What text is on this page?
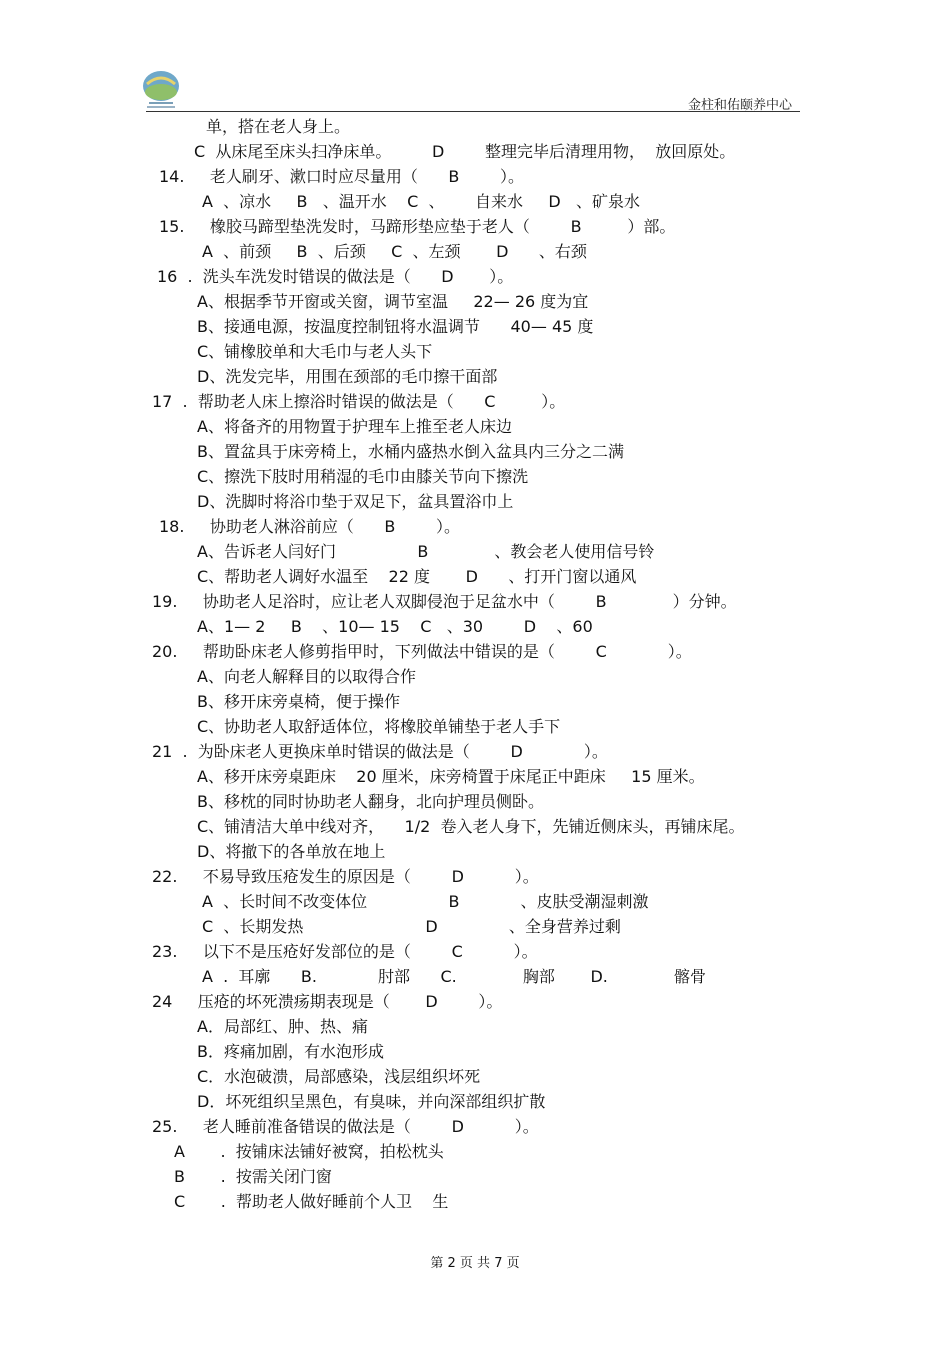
金柱和佑颐养中心
单，搭在老人身上。
C  从床尾至床头扫净床单。        D        整理完毕后清理用物，  放回原处。
14.     老人刷牙、漱口时应尽量用（      B        ）。
A  、凉水     B   、温开水    C  、      自来水     D   、矿泉水
15.     橡胶马蹄型垫洗发时，马蹄形垫应垫于老人（        B         ）部。
A  、前颈     B  、后颈     C  、左颈       D      、右颈
16  .  洗头车洗发时错误的做法是（      D       ）。
A、根据季节开窗或关窗，调节室温     22— 26 度为宜
B、接通电源，按温度控制钮将水温调节      40— 45 度
C、铺橡胶单和大毛巾与老人头下
D、洗发完毕，用围在颈部的毛巾擦干面部
17  .  帮助老人床上擦浴时错误的做法是（      C         ）。
A、将备齐的用物置于护理车上推至老人床边
B、置盆具于床旁椅上，水桶内盛热水倒入盆具内三分之二满
C、擦洗下肢时用稍湿的毛巾由膝关节向下擦洗
D、洗脚时将浴巾垫于双足下，盆具置浴巾上
18.     协助老人淋浴前应（      B        ）。
A、告诉老人闫好门                B             、教会老人使用信号铃
C、帮助老人调好水温至    22 度       D      、打开门窗以通风
19.     协助老人足浴时，应让老人双脚侵泡于足盆水中（        B             ）分钟。
A、1— 2     B    、10— 15    C   、30        D    、60
20.     帮助卧床老人修剪指甲时，下列做法中错误的是（        C            ）。
A、向老人解释目的以取得合作
B、移开床旁桌椅，便于操作
C、协助老人取舒适体位，将橡胶单铺垫于老人手下
21  .  为卧床老人更换床单时错误的做法是（        D            ）。
A、移开床旁桌距床    20 厘米，床旁椅置于床尾正中距床     15 厘米。
B、移枕的同时协助老人翻身，北向护理员侧卧。
C、铺清洁大单中线对齐，    1/2  卷入老人身下，先铺近侧床头，再铺床尾。
D、将撤下的各单放在地上
22.     不易导致压疮发生的原因是（        D          ）。
A  、长时间不改变体位                B            、皮肤受潮湿刺激
C  、长期发热                        D              、全身营养过剩
23.     以下不是压疮好发部位的是（        C          ）。
A  .  耳廓      B.            肘部      C.             胸部       D.             髂骨
24     压疮的坏死溃疡期表现是（       D        ）。
A．局部红、肿、热、痛
B．疼痛加剧，有水泡形成
C．水泡破溃，局部感染，浅层组织坏死
D．坏死组织呈黑色，有臭味，并向深部组织扩散
25.     老人睡前准备错误的做法是（        D          ）。
A       .  按铺床法铺好被窝，拍松枕头
B       .  按需关闭门窗
C       .  帮助老人做好睡前个人卫    生
第 2 页 共 7 页
